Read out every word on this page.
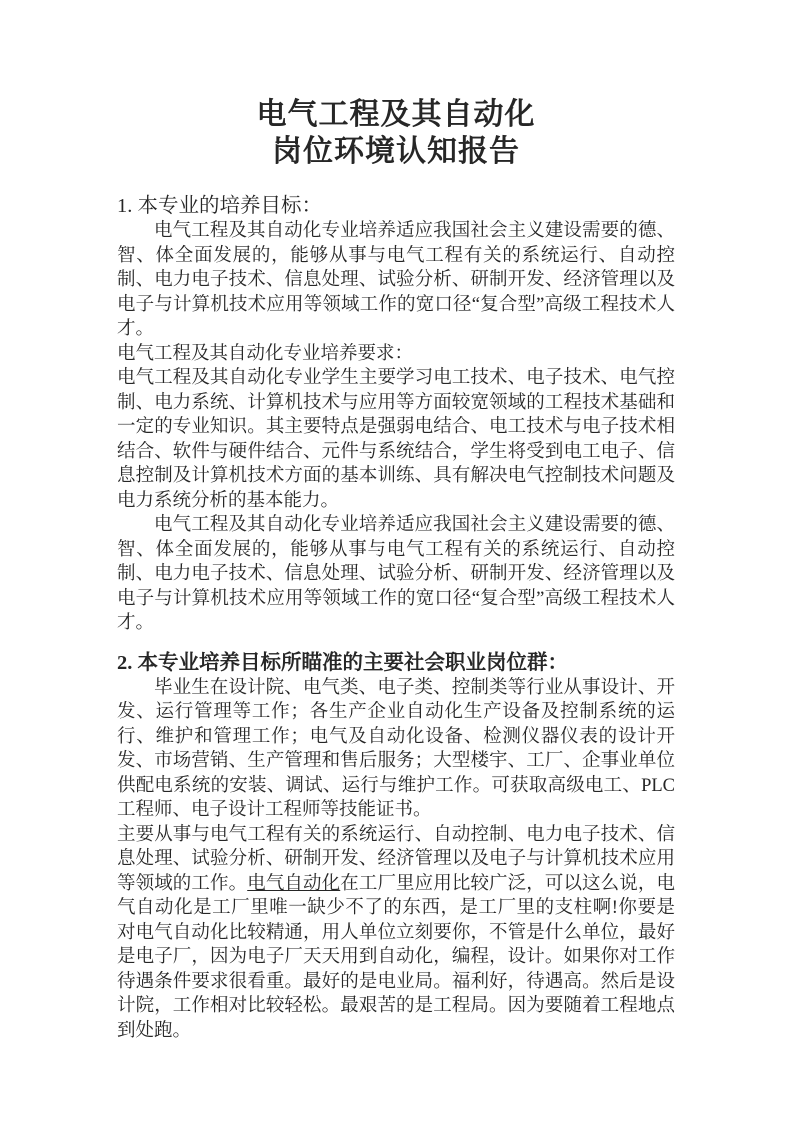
电气工程及其自动化
岗位环境认知报告
1. 本专业的培养目标：

电气工程及其自动化专业培养适应我国社会主义建设需要的德、智、体全面发展的，能够从事与电气工程有关的系统运行、自动控制、电力电子技术、信息处理、试验分析、研制开发、经济管理以及电子与计算机技术应用等领域工作的宽口径“复合型”高级工程技术人才。

电气工程及其自动化专业培养要求：

电气工程及其自动化专业学生主要学习电工技术、电子技术、电气控制、电力系统、计算机技术与应用等方面较宽领域的工程技术基础和一定的专业知识。其主要特点是强弱电结合、电工技术与电子技术相结合、软件与硬件结合、元件与系统结合，学生将受到电工电子、信息控制及计算机技术方面的基本训练、具有解决电气控制技术问题及电力系统分析的基本能力。

电气工程及其自动化专业培养适应我国社会主义建设需要的德、智、体全面发展的，能够从事与电气工程有关的系统运行、自动控制、电力电子技术、信息处理、试验分析、研制开发、经济管理以及电子与计算机技术应用等领域工作的宽口径“复合型”高级工程技术人才。

2. 本专业培养目标所瞄准的主要社会职业岗位群：

毕业生在设计院、电气类、电子类、控制类等行业从事设计、开发、运行管理等工作；各生产企业自动化生产设备及控制系统的运行、维护和管理工作；电气及自动化设备、检测仪器仪表的设计开发、市场营销、生产管理和售后服务；大型楼宇、工厂、企事业单位供配电系统的安装、调试、运行与维护工作。可获取高级电工、PLC 工程师、电子设计工程师等技能证书。

主要从事与电气工程有关的系统运行、自动控制、电力电子技术、信息处理、试验分析、研制开发、经济管理以及电子与计算机技术应用等领域的工作。电气自动化在工厂里应用比较广泛，可以这么说，电气自动化是工厂里唯一缺少不了的东西，是工厂里的支柱啊!你要是对电气自动化比较精通，用人单位立刻要你，不管是什么单位，最好是电子厂，因为电子厂天天用到自动化，编程，设计。如果你对工作待遇条件要求很看重。最好的是电业局。福利好，待遇高。然后是设计院，工作相对比较轻松。最艰苦的是工程局。因为要随着工程地点到处跑。
